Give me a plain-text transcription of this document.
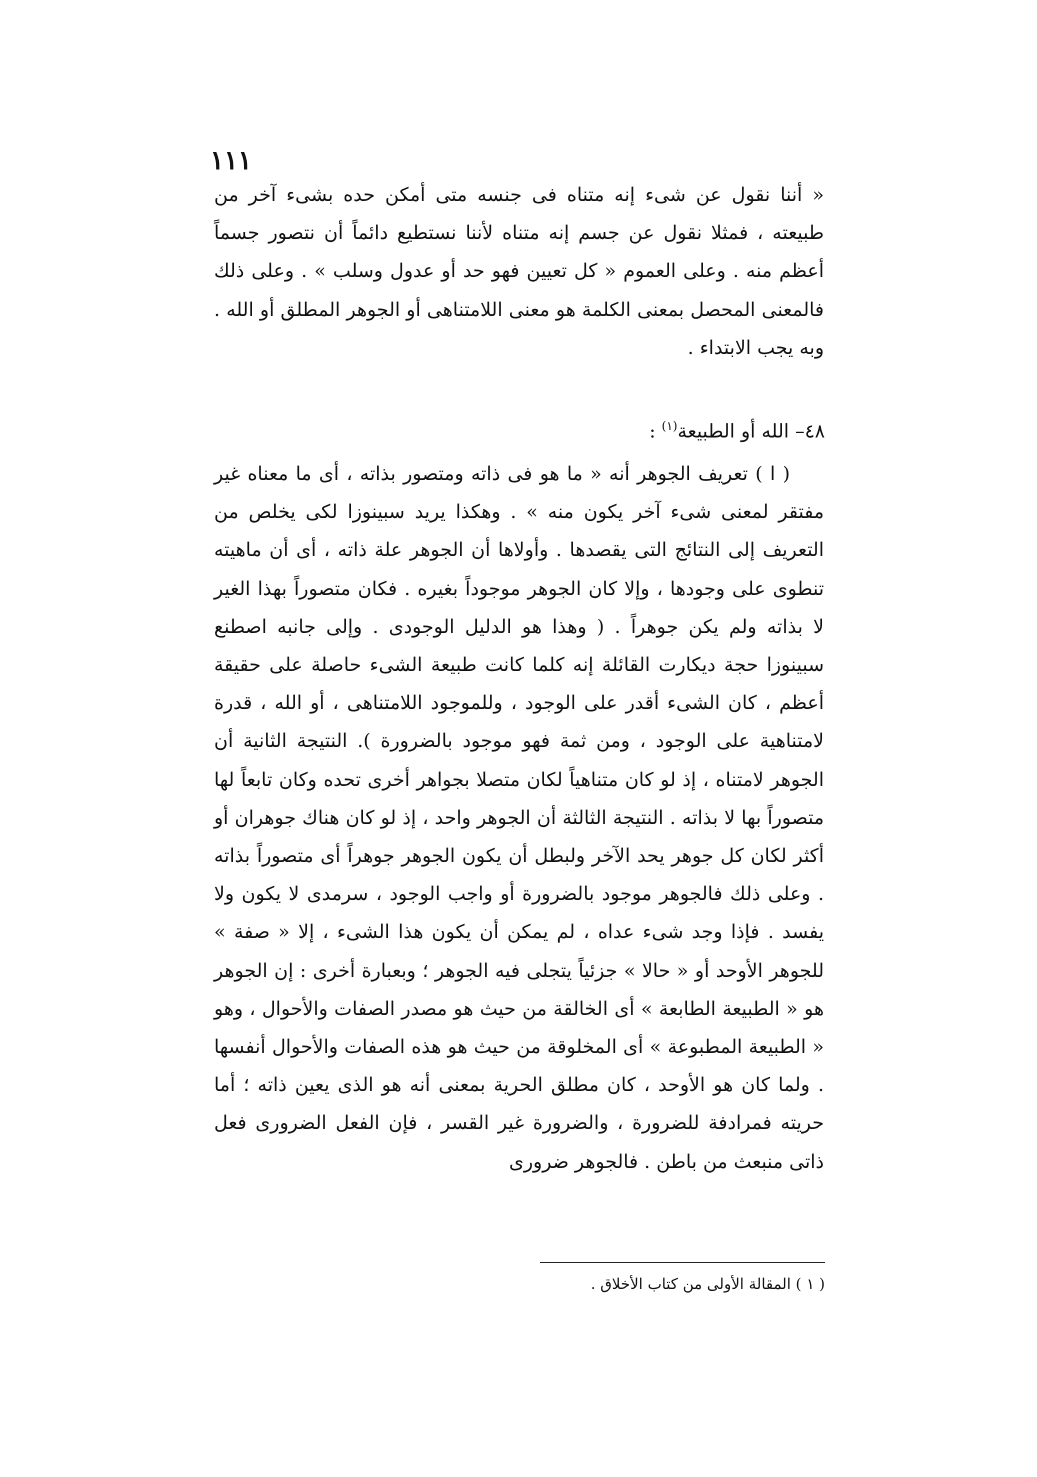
١١١

« أننا نقول عن شىء إنه متناه فى جنسه متى أمكن حده بشىء آخر من طبيعته ، فمثلا نقول عن جسم إنه متناه لأننا نستطيع دائماً أن نتصور جسماً أعظم منه . وعلى العموم « كل تعيين فهو حد أو عدول وسلب » . وعلى ذلك فالمعنى المحصل بمعنى الكلمة هو معنى اللامتناهى أو الجوهر المطلق أو الله . وبه يجب الابتداء .

٤٨– الله أو الطبيعة$^{(١)}$ :

( ا ) تعريف الجوهر أنه « ما هو فى ذاته ومتصور بذاته ، أى ما معناه غير مفتقر لمعنى شىء آخر يكون منه » . وهكذا يريد سبينوزا لكى يخلص من التعريف إلى النتائج التى يقصدها . وأولاها أن الجوهر علة ذاته ، أى أن ماهيته تنطوى على وجودها ، وإلا كان الجوهر موجوداً بغيره . فكان متصوراً بهذا الغير لا بذاته ولم يكن جوهراً . ( وهذا هو الدليل الوجودى . وإلى جانبه اصطنع سبينوزا حجة ديكارت القائلة إنه كلما كانت طبيعة الشىء حاصلة على حقيقة أعظم ، كان الشىء أقدر على الوجود ، وللموجود اللامتناهى ، أو الله ، قدرة لامتناهية على الوجود ، ومن ثمة فهو موجود بالضرورة ). النتيجة الثانية أن الجوهر لامتناه ، إذ لو كان متناهياً لكان متصلا بجواهر أخرى تحده وكان تابعاً لها متصوراً بها لا بذاته . النتيجة الثالثة أن الجوهر واحد ، إذ لو كان هناك جوهران أو أكثر لكان كل جوهر يحد الآخر ولبطل أن يكون الجوهر جوهراً أى متصوراً بذاته . وعلى ذلك فالجوهر موجود بالضرورة أو واجب الوجود ، سرمدى لا يكون ولا يفسد . فإذا وجد شىء عداه ، لم يمكن أن يكون هذا الشىء ، إلا « صفة » للجوهر الأوحد أو « حالا » جزئياً يتجلى فيه الجوهر ؛ وبعبارة أخرى : إن الجوهر هو « الطبيعة الطابعة » أى الخالقة من حيث هو مصدر الصفات والأحوال ، وهو « الطبيعة المطبوعة » أى المخلوقة من حيث هو هذه الصفات والأحوال أنفسها . ولما كان هو الأوحد ، كان مطلق الحرية بمعنى أنه هو الذى يعين ذاته ؛ أما حريته فمرادفة للضرورة ، والضرورة غير القسر ، فإن الفعل الضرورى فعل ذاتى منبعث من باطن . فالجوهر ضرورى

( ١ ) المقالة الأولى من كتاب الأخلاق .
